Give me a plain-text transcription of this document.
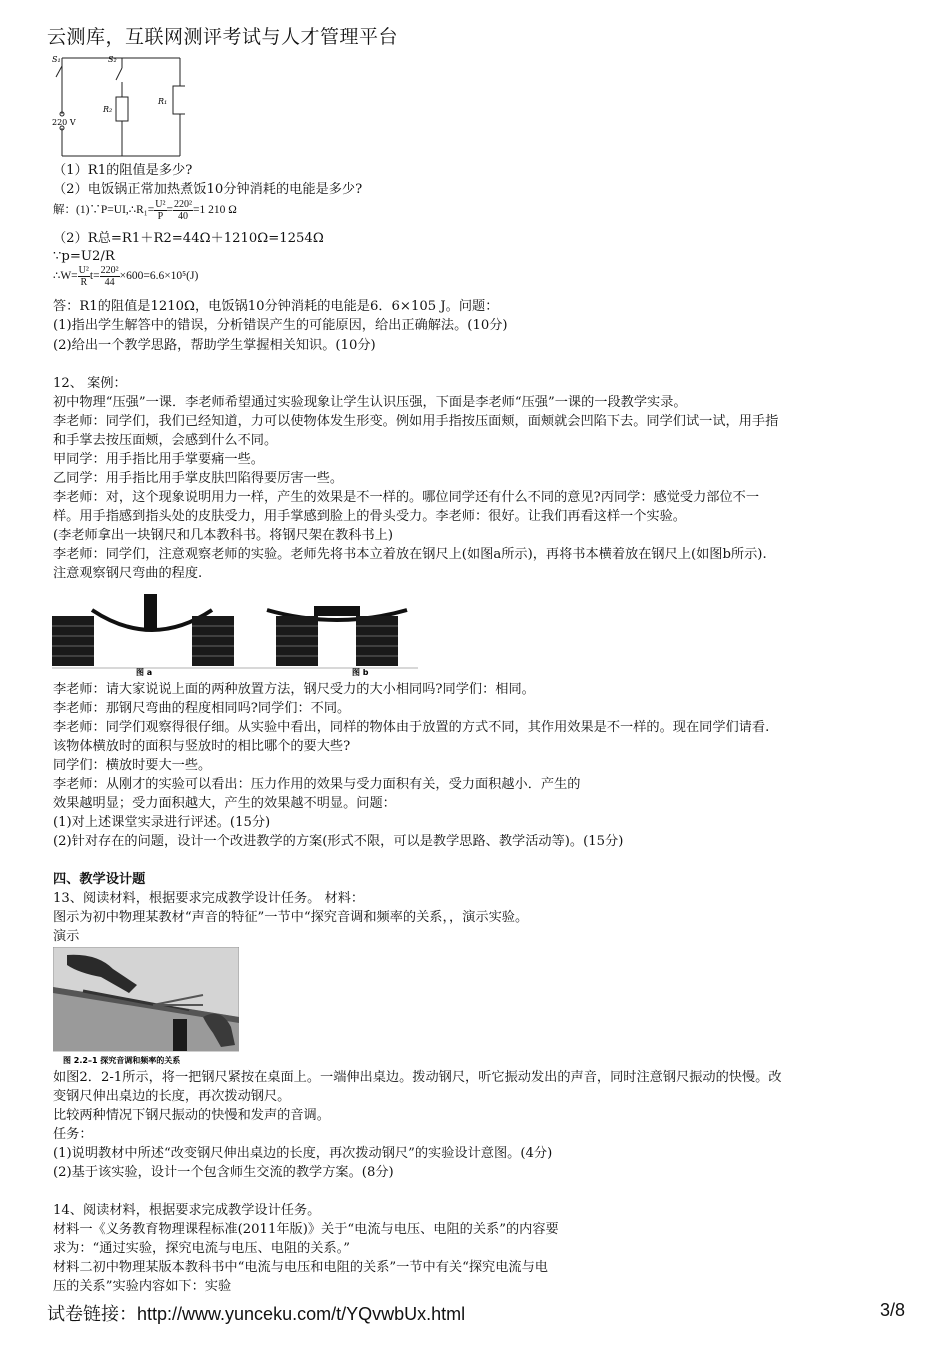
云测库，互联网测评考试与人才管理平台
S₁	S₂
R₂
R₁
220 V
（1）R1的阻值是多少?
（2）电饭锅正常加热煮饭10分钟消耗的电能是多少?
解：(1)∵P=UI,∴R₁= $\frac{\text{U²}}{P} = \frac{\text{220²}}{40} =1$ 210 Ω
（2）R总=R1＋R2=44Ω＋1210Ω=1254Ω
∵p=U2/R
∴W= $\frac{\text{U²}}{R} t= \frac{\text{220²}}{44} \times 600=6.6\times 10^5(J)$
答：R1的阻值是1210Ω，电饭锅10分钟消耗的电能是6．6×105 J。问题：
(1)指出学生解答中的错误，分析错误产生的可能原因，给出正确解法。(10分)
(2)给出一个教学思路，帮助学生掌握相关知识。(10分)
12、 案例：
初中物理“压强”一课．李老师希望通过实验现象让学生认识压强，下面是李老师“压强”一课的一段教学实录。
李老师：同学们，我们已经知道，力可以使物体发生形变。例如用手指按压面颊，面颊就会凹陷下去。同学们试一试，用手指
和手掌去按压面颊，会感到什么不同。
甲同学：用手指比用手掌要痛一些。
乙同学：用手指比用手掌皮肤凹陷得要厉害一些。
李老师：对，这个现象说明用力一样，产生的效果是不一样的。哪位同学还有什么不同的意见?丙同学：感觉受力部位不一
样。用手指感到指头处的皮肤受力，用手掌感到脸上的骨头受力。李老师：很好。让我们再看这样一个实验。
(李老师拿出一块钢尺和几本教科书。将钢尺架在教科书上)
李老师：同学们，注意观察老师的实验。老师先将书本立着放在钢尺上(如图a所示)，再将书本横着放在钢尺上(如图b所示).
注意观察钢尺弯曲的程度.
图 a	图 b
李老师：请大家说说上面的两种放置方法，钢尺受力的大小相同吗?同学们：相同。
李老师：那钢尺弯曲的程度相同吗?同学们：不同。
李老师：同学们观察得很仔细。从实验中看出，同样的物体由于放置的方式不同，其作用效果是不一样的。现在同学们请看.
该物体横放时的面积与竖放时的相比哪个的要大些?
同学们：横放时要大一些。
李老师：从刚才的实验可以看出：压力作用的效果与受力面积有关，受力面积越小．产生的
效果越明显；受力面积越大，产生的效果越不明显。问题：
(1)对上述课堂实录进行评述。(15分)
(2)针对存在的问题，设计一个改进教学的方案(形式不限，可以是教学思路、教学活动等)。(15分)
四、教学设计题
13、阅读材料，根据要求完成教学设计任务。 材料：
图示为初中物理某教材“声音的特征”一节中“探究音调和频率的关系，，演示实验。
演示
图 2.2–1 探究音调和频率的关系
如图2．2-1所示，将一把钢尺紧按在桌面上。一端伸出桌边。拨动钢尺，听它振动发出的声音，同时注意钢尺振动的快慢。改
变钢尺伸出桌边的长度，再次拨动钢尺。
比较两种情况下钢尺振动的快慢和发声的音调。
任务：
(1)说明教材中所述“改变钢尺伸出桌边的长度，再次拨动钢尺”的实验设计意图。(4分)
(2)基于该实验，设计一个包含师生交流的教学方案。(8分)
14、阅读材料，根据要求完成教学设计任务。
材料一《义务教育物理课程标准(2011年版)》关于“电流与电压、电阻的关系”的内容要
求为：“通过实验，探究电流与电压、电阻的关系。”
材料二初中物理某版本教科书中“电流与电压和电阻的关系”一节中有关“探究电流与电
压的关系”实验内容如下：实验
试卷链接：http://www.yunceku.com/t/YQvwbUx.html	3/8
